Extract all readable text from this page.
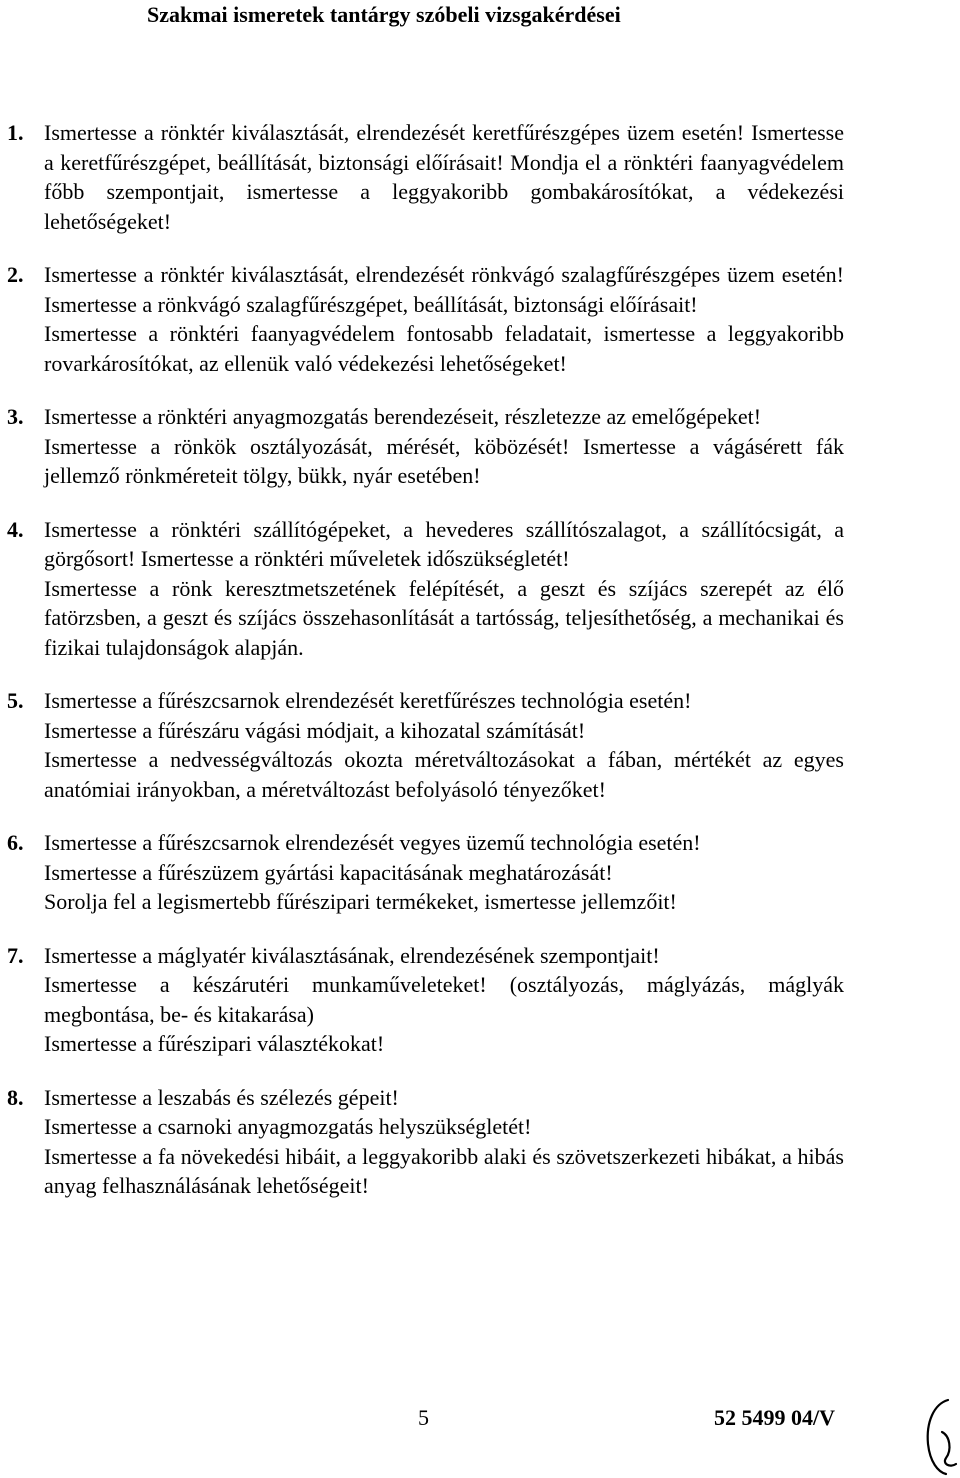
Szakmai ismeretek tantárgy szóbeli vizsgakérdései
1. Ismertesse a rönktér kiválasztását, elrendezését keretfűrészgépes üzem esetén! Ismertesse a keretfűrészgépet, beállítását, biztonsági előírásait! Mondja el a rönktéri faanyagvédelem főbb szempontjait, ismertesse a leggyakoribb gombakárosítókat, a védekezési lehetőségeket!
2. Ismertesse a rönktér kiválasztását, elrendezését rönkvágó szalagfűrészgépes üzem esetén! Ismertesse a rönkvágó szalagfűrészgépet, beállítását, biztonsági előírásait!
Ismertesse a rönktéri faanyagvédelem fontosabb feladatait, ismertesse a leggyakoribb rovarkárosítókat, az ellenük való védekezési lehetőségeket!
3. Ismertesse a rönktéri anyagmozgatás berendezéseit, részletezze az emelőgépeket!
Ismertesse a rönkök osztályozását, mérését, köbözését! Ismertesse a vágásérett fák jellemző rönkméreteit tölgy, bükk, nyár esetében!
4. Ismertesse a rönktéri szállítógépeket, a hevederes szállítószalagot, a szállítócsigát, a görgősort! Ismertesse a rönktéri műveletek időszükségletét!
Ismertesse a rönk keresztmetszetének felépítését, a geszt és szíjács szerepét az élő fatörzsben, a geszt és szíjács összehasonlítását a tartósság, teljesíthetőség, a mechanikai és fizikai tulajdonságok alapján.
5. Ismertesse a fűrészcsarnok elrendezését keretfűrészes technológia esetén!
Ismertesse a fűrészáru vágási módjait, a kihozatal számítását!
Ismertesse a nedvességváltozás okozta méretváltozásokat a fában, mértékét az egyes anatómiai irányokban, a méretváltozást befolyásoló tényezőket!
6. Ismertesse a fűrészcsarnok elrendezését vegyes üzemű technológia esetén!
Ismertesse a fűrészüzem gyártási kapacitásának meghatározását!
Sorolja fel a legismertebb fűrészipari termékeket, ismertesse jellemzőit!
7. Ismertesse a máglyatér kiválasztásának, elrendezésének szempontjait!
Ismertesse a készárutéri munkaműveleteket! (osztályozás, máglyázás, máglyák megbontása, be- és kitakarása)
Ismertesse a fűrészipari választékokat!
8. Ismertesse a leszabás és szélezés gépeit!
Ismertesse a csarnoki anyagmozgatás helyszükségletét!
Ismertesse a fa növekedési hibáit, a leggyakoribb alaki és szövetszerkezeti hibákat, a hibás anyag felhasználásának lehetőségeit!
5	52 5499 04/V
